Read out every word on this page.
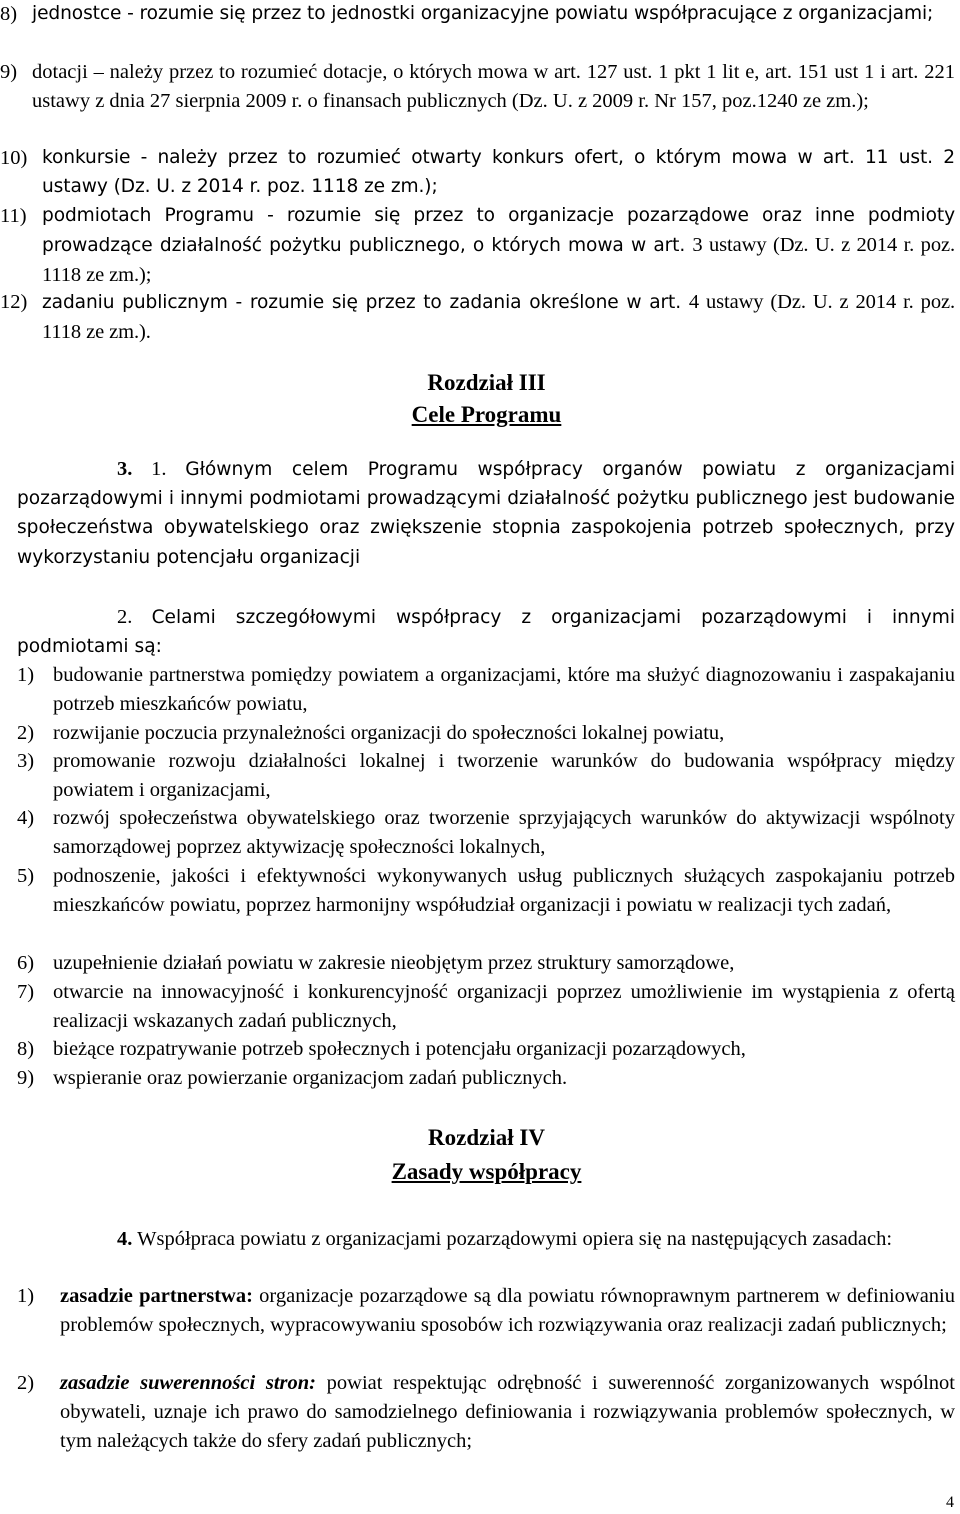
8) jednostce - rozumie się przez to jednostki organizacyjne powiatu współpracujące z organizacjami;
9) dotacji – należy przez to rozumieć dotacje, o których mowa w art. 127 ust. 1 pkt 1 lit e, art. 151 ust 1 i art. 221 ustawy z dnia 27 sierpnia 2009 r. o finansach publicznych (Dz. U. z 2009 r. Nr 157, poz.1240 ze zm.);
10) konkursie - należy przez to rozumieć otwarty konkurs ofert, o którym mowa w art. 11 ust. 2 ustawy (Dz. U. z 2014 r. poz. 1118 ze zm.);
11) podmiotach Programu - rozumie się przez to organizacje pozarządowe oraz inne podmioty prowadzące działalność pożytku publicznego, o których mowa w art. 3 ustawy (Dz. U. z 2014 r. poz. 1118 ze zm.);
12) zadaniu publicznym - rozumie się przez to zadania określone w art. 4 ustawy (Dz. U. z 2014 r. poz. 1118 ze zm.).
Rozdział III
Cele Programu
3. 1. Głównym celem Programu współpracy organów powiatu z organizacjami pozarządowymi i innymi podmiotami prowadzącymi działalność pożytku publicznego jest budowanie społeczeństwa obywatelskiego oraz zwiększenie stopnia zaspokojenia potrzeb społecznych, przy wykorzystaniu potencjału organizacji
2. Celami szczegółowymi współpracy z organizacjami pozarządowymi i innymi podmiotami są:
1) budowanie partnerstwa pomiędzy powiatem a organizacjami, które ma służyć diagnozowaniu i zaspakajaniu potrzeb mieszkańców powiatu,
2) rozwijanie poczucia przynależności organizacji do społeczności lokalnej powiatu,
3) promowanie rozwoju działalności lokalnej i tworzenie warunków do budowania współpracy między powiatem i organizacjami,
4) rozwój społeczeństwa obywatelskiego oraz tworzenie sprzyjających warunków do aktywizacji wspólnoty samorządowej poprzez aktywizację społeczności lokalnych,
5) podnoszenie, jakości i efektywności wykonywanych usług publicznych służących zaspokajaniu potrzeb mieszkańców powiatu, poprzez harmonijny współudział organizacji i powiatu w realizacji tych zadań,
6) uzupełnienie działań powiatu w zakresie nieobjętym przez struktury samorządowe,
7) otwarcie na innowacyjność i konkurencyjność organizacji poprzez umożliwienie im wystąpienia z ofertą realizacji wskazanych zadań publicznych,
8) bieżące rozpatrywanie potrzeb społecznych i potencjału organizacji pozarządowych,
9) wspieranie oraz powierzanie organizacjom zadań publicznych.
Rozdział IV
Zasady współpracy
4. Współpraca powiatu z organizacjami pozarządowymi opiera się na następujących zasadach:
1)	zasadzie partnerstwa: organizacje pozarządowe są dla powiatu równoprawnym partnerem w definiowaniu problemów społecznych, wypracowywaniu sposobów ich rozwiązywania oraz realizacji zadań publicznych;
2)	zasadzie suwerenności stron: powiat respektując odrębność i suwerenność zorganizowanych wspólnot obywateli, uznaje ich prawo do samodzielnego definiowania i rozwiązywania problemów społecznych, w tym należących także do sfery zadań publicznych;
4
